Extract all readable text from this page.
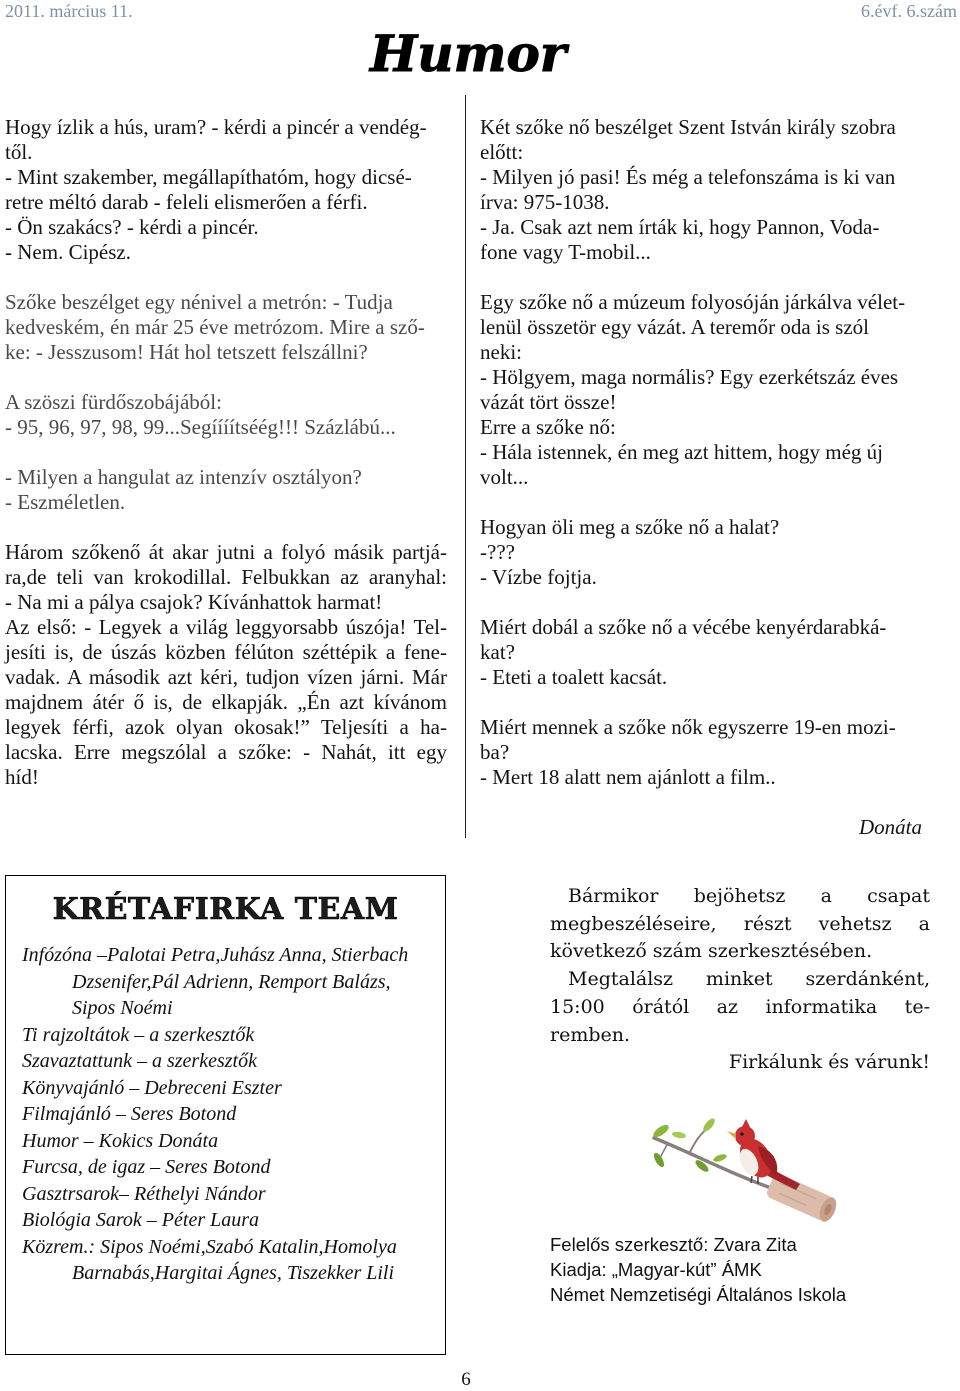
2011. március 11.	6.évf. 6.szám
Humor
Hogy ízlik a hús, uram? - kérdi a pincér a vendég-
től.
- Mint szakember, megállapíthatóm, hogy dicsé-
retre méltó darab - feleli elismerően a férfi.
- Ön szakács? - kérdi a pincér.
- Nem. Cipész.
Szőke beszélget egy nénivel a metrón: - Tudja
kedveském, én már 25 éve metrózom. Mire a sző-
ke: - Jesszusom! Hát hol tetszett felszállni?
A szöszi fürdőszobájából:
- 95, 96, 97, 98, 99...Segíííítséég!!! Százlábú...
- Milyen a hangulat az intenzív osztályon?
- Eszméletlen.
Három szőkenő át akar jutni a folyó másik partjá-
ra,de teli van krokodillal. Felbukkan az aranyhal:
- Na mi a pálya csajok? Kívánhattok harmat!
Az első: - Legyek a világ leggyorsabb úszója! Tel-
jesíti is, de úszás közben félúton széttépik a fene-
vadak. A második azt kéri, tudjon vízen járni. Már
majdnem átér ő is, de elkapják. „Én azt kívánom
legyek férfi, azok olyan okosak!” Teljesíti a ha-
lacska. Erre megszólal a szőke: - Nahát, itt egy
híd!
Két szőke nő beszélget Szent István király szobra
előtt:
- Milyen jó pasi! És még a telefonszáma is ki van
írva: 975-1038.
- Ja. Csak azt nem írták ki, hogy Pannon, Voda-
fone vagy T-mobil...
Egy szőke nő a múzeum folyosóján járkálva vélet-
lenül összetör egy vázát. A teremőr oda is szól
neki:
- Hölgyem, maga normális? Egy ezerkétszáz éves
vázát tört össze!
Erre a szőke nő:
- Hála istennek, én meg azt hittem, hogy még új
volt...
Hogyan öli meg a szőke nő a halat?
-???
- Vízbe fojtja.
Miért dobál a szőke nő a vécébe kenyérdarabká-
kat?
- Eteti a toalett kacsát.
Miért mennek a szőke nők egyszerre 19-en mozi-
ba?
- Mert 18 alatt nem ajánlott a film..
Donáta
KRÉTAFIRKA TEAM
Infózóna –Palotai Petra,Juhász Anna, Stierbach
Dzsenifer,Pál Adrienn, Remport Balázs,
Sipos Noémi
Ti rajzoltátok – a szerkesztők
Szavaztattunk – a szerkesztők
Könyvajánló – Debreceni Eszter
Filmajánló – Seres Botond
Humor – Kokics Donáta
Furcsa, de igaz – Seres Botond
Gasztrsarok– Réthelyi Nándor
Biológia Sarok – Péter Laura
Közrem.: Sipos Noémi,Szabó Katalin,Homolya
Barnabás,Hargitai Ágnes, Tiszekker Lili
Bármikor bejöhetsz a csapat
megbeszéléseire, részt vehetsz a
következő szám szerkesztésében.
Megtalálsz minket szerdánként,
15:00 órától az informatika te-
remben.
Firkálunk és várunk!
Felelős szerkesztő: Zvara Zita
Kiadja: „Magyar-kút” ÁMK
Német Nemzetiségi Általános Iskola
6
